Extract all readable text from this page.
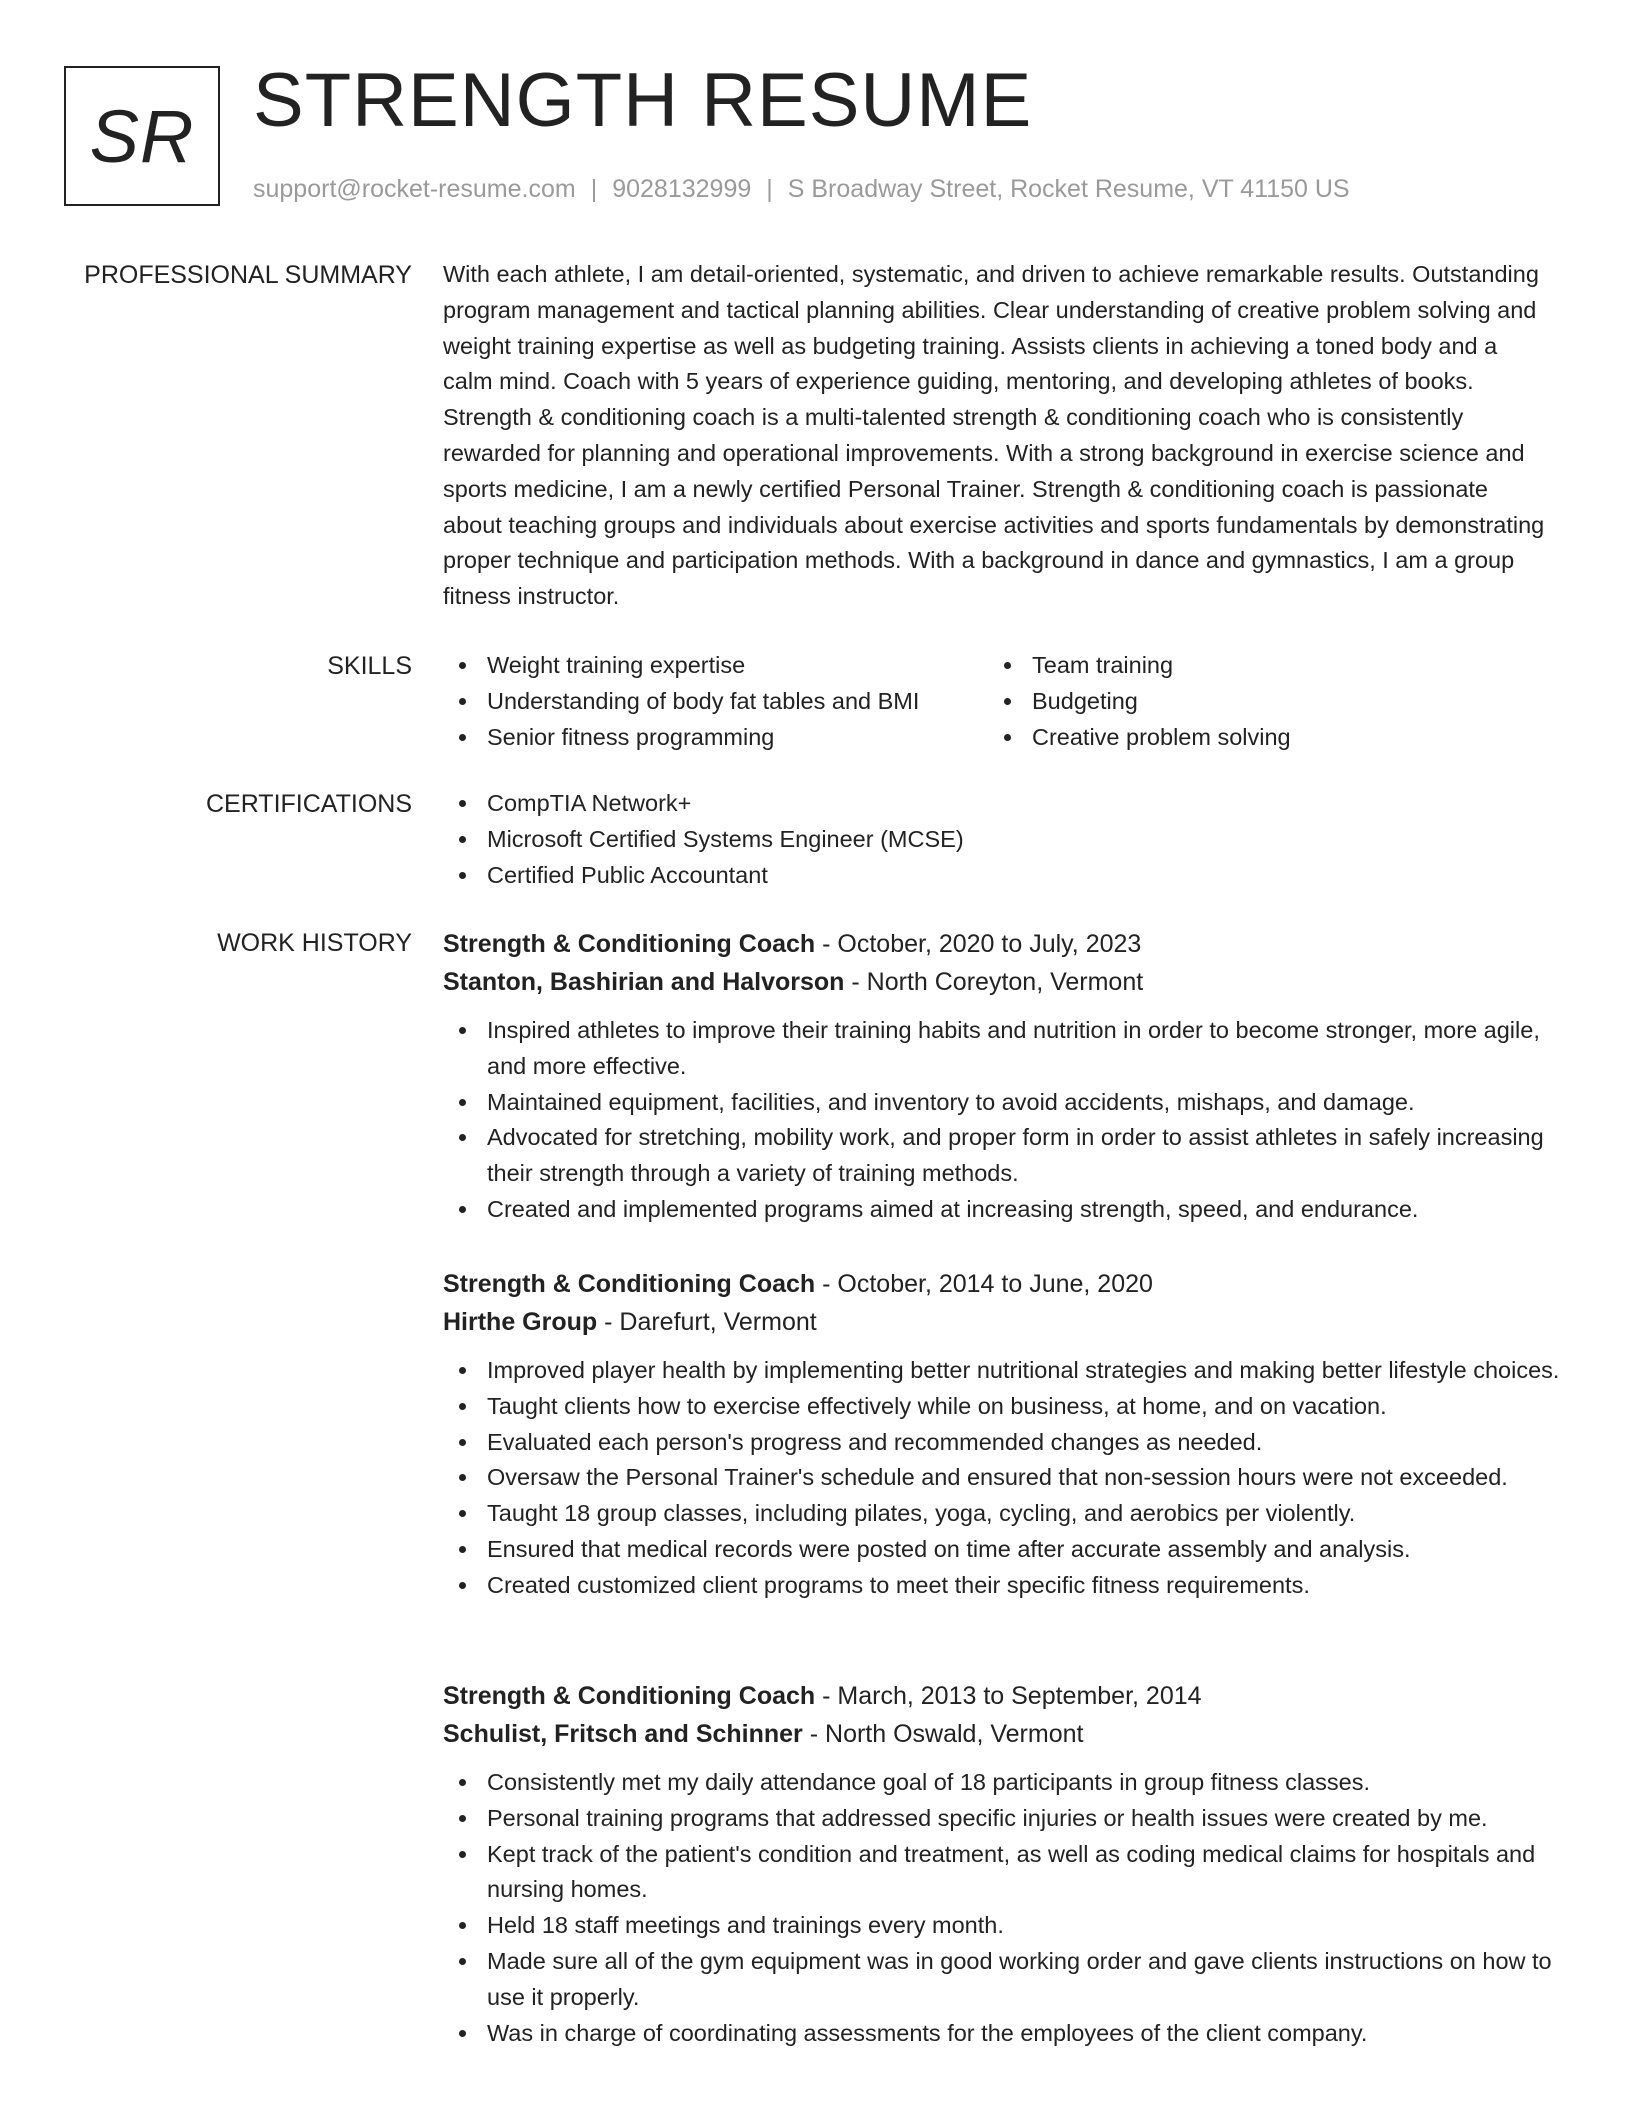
SR STRENGTH RESUME
support@rocket-resume.com | 9028132999 | S Broadway Street, Rocket Resume, VT 41150 US
PROFESSIONAL SUMMARY With each athlete, I am detail-oriented, systematic, and driven to achieve remarkable results. Outstanding program management and tactical planning abilities. Clear understanding of creative problem solving and weight training expertise as well as budgeting training. Assists clients in achieving a toned body and a calm mind. Coach with 5 years of experience guiding, mentoring, and developing athletes of books. Strength & conditioning coach is a multi-talented strength & conditioning coach who is consistently rewarded for planning and operational improvements. With a strong background in exercise science and sports medicine, I am a newly certified Personal Trainer. Strength & conditioning coach is passionate about teaching groups and individuals about exercise activities and sports fundamentals by demonstrating proper technique and participation methods. With a background in dance and gymnastics, I am a group fitness instructor.

SKILLS	Weight training expertise
Understanding of body fat tables and BMI
Senior fitness programming
Team training
Budgeting
Creative problem solving
CERTIFICATIONS	CompTIA Network+
Microsoft Certified Systems Engineer (MCSE)
Certified Public Accountant
WORK HISTORY Strength & Conditioning Coach - October, 2020 to July, 2023
Stanton, Bashirian and Halvorson - North Coreyton, Vermont
Inspired athletes to improve their training habits and nutrition in order to become stronger, more agile, and more effective.
Maintained equipment, facilities, and inventory to avoid accidents, mishaps, and damage.
Advocated for stretching, mobility work, and proper form in order to assist athletes in safely increasing their strength through a variety of training methods.
Created and implemented programs aimed at increasing strength, speed, and endurance.
Strength & Conditioning Coach - October, 2014 to June, 2020
Hirthe Group - Darefurt, Vermont
Improved player health by implementing better nutritional strategies and making better lifestyle choices.
Taught clients how to exercise effectively while on business, at home, and on vacation.
Evaluated each person's progress and recommended changes as needed.
Oversaw the Personal Trainer's schedule and ensured that non-session hours were not exceeded.
Taught 18 group classes, including pilates, yoga, cycling, and aerobics per violently.
Ensured that medical records were posted on time after accurate assembly and analysis.
Created customized client programs to meet their specific fitness requirements.
Strength & Conditioning Coach - March, 2013 to September, 2014
Schulist, Fritsch and Schinner - North Oswald, Vermont
Consistently met my daily attendance goal of 18 participants in group fitness classes.
Personal training programs that addressed specific injuries or health issues were created by me.
Kept track of the patient's condition and treatment, as well as coding medical claims for hospitals and nursing homes.
Held 18 staff meetings and trainings every month.
Made sure all of the gym equipment was in good working order and gave clients instructions on how to use it properly.
Was in charge of coordinating assessments for the employees of the client company.
